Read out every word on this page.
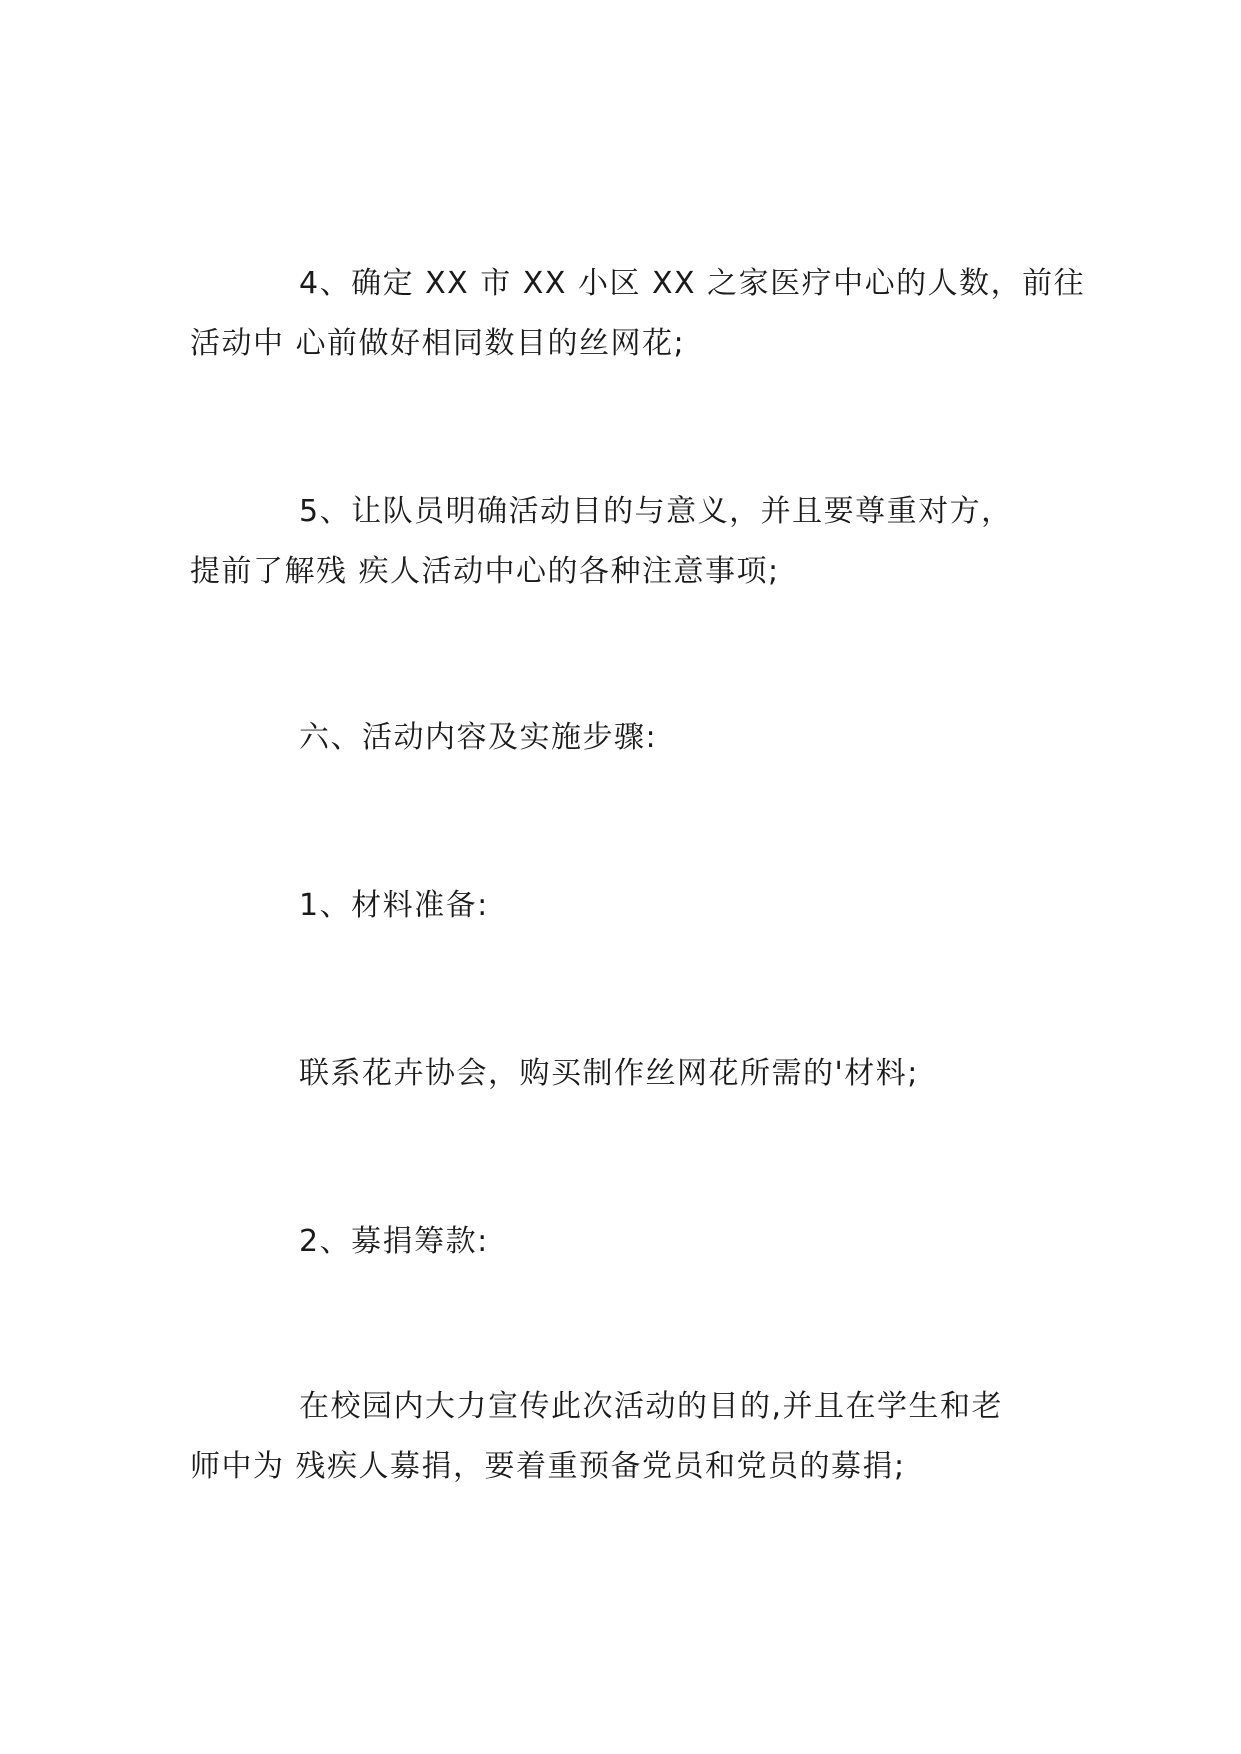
4、确定 XX 市 XX 小区 XX 之家医疗中心的人数，前往
活动中 心前做好相同数目的丝网花;

5、让队员明确活动目的与意义，并且要尊重对方，
提前了解残 疾人活动中心的各种注意事项;

六、活动内容及实施步骤:

1、材料准备:

联系花卉协会，购买制作丝网花所需的'材料;

2、募捐筹款:

在校园内大力宣传此次活动的目的,并且在学生和老
师中为 残疾人募捐，要着重预备党员和党员的募捐;
